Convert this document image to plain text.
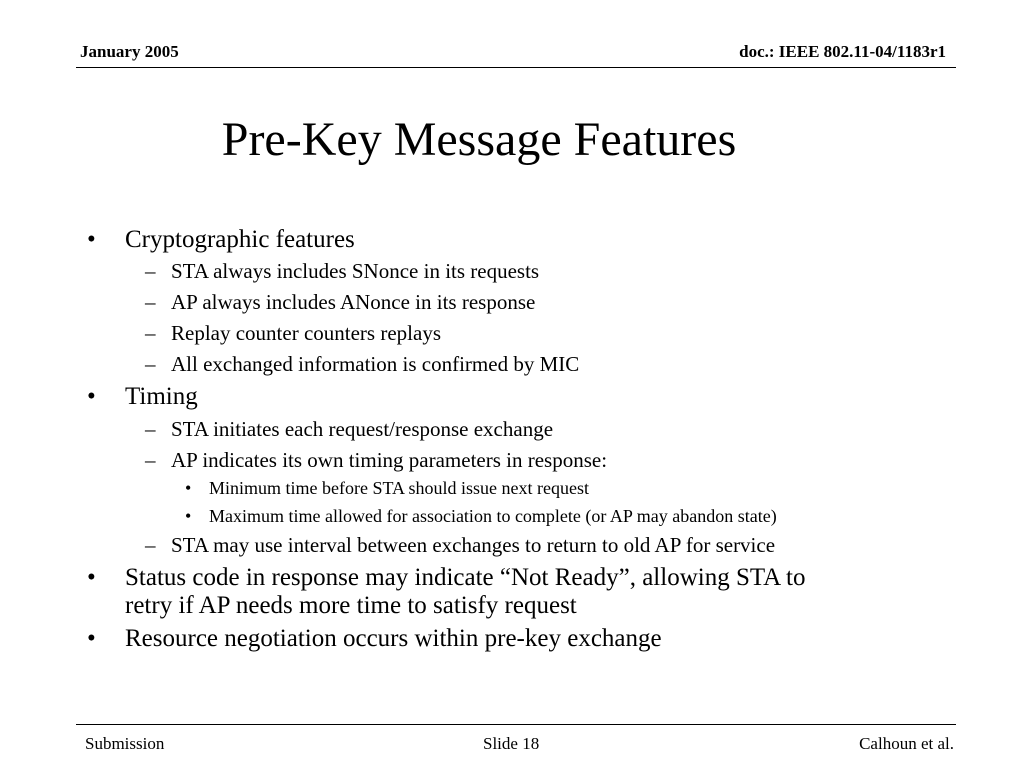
January 2005	doc.: IEEE 802.11-04/1183r1
Pre-Key Message Features
• Cryptographic features
– STA always includes SNonce in its requests
– AP always includes ANonce in its response
– Replay counter counters replays
– All exchanged information is confirmed by MIC
• Timing
– STA initiates each request/response exchange
– AP indicates its own timing parameters in response:
• Minimum time before STA should issue next request
• Maximum time allowed for association to complete (or AP may abandon state)
– STA may use interval between exchanges to return to old AP for service
• Status code in response may indicate “Not Ready”, allowing STA to
retry if AP needs more time to satisfy request
• Resource negotiation occurs within pre-key exchange
Submission	Slide 18	Calhoun et al.
